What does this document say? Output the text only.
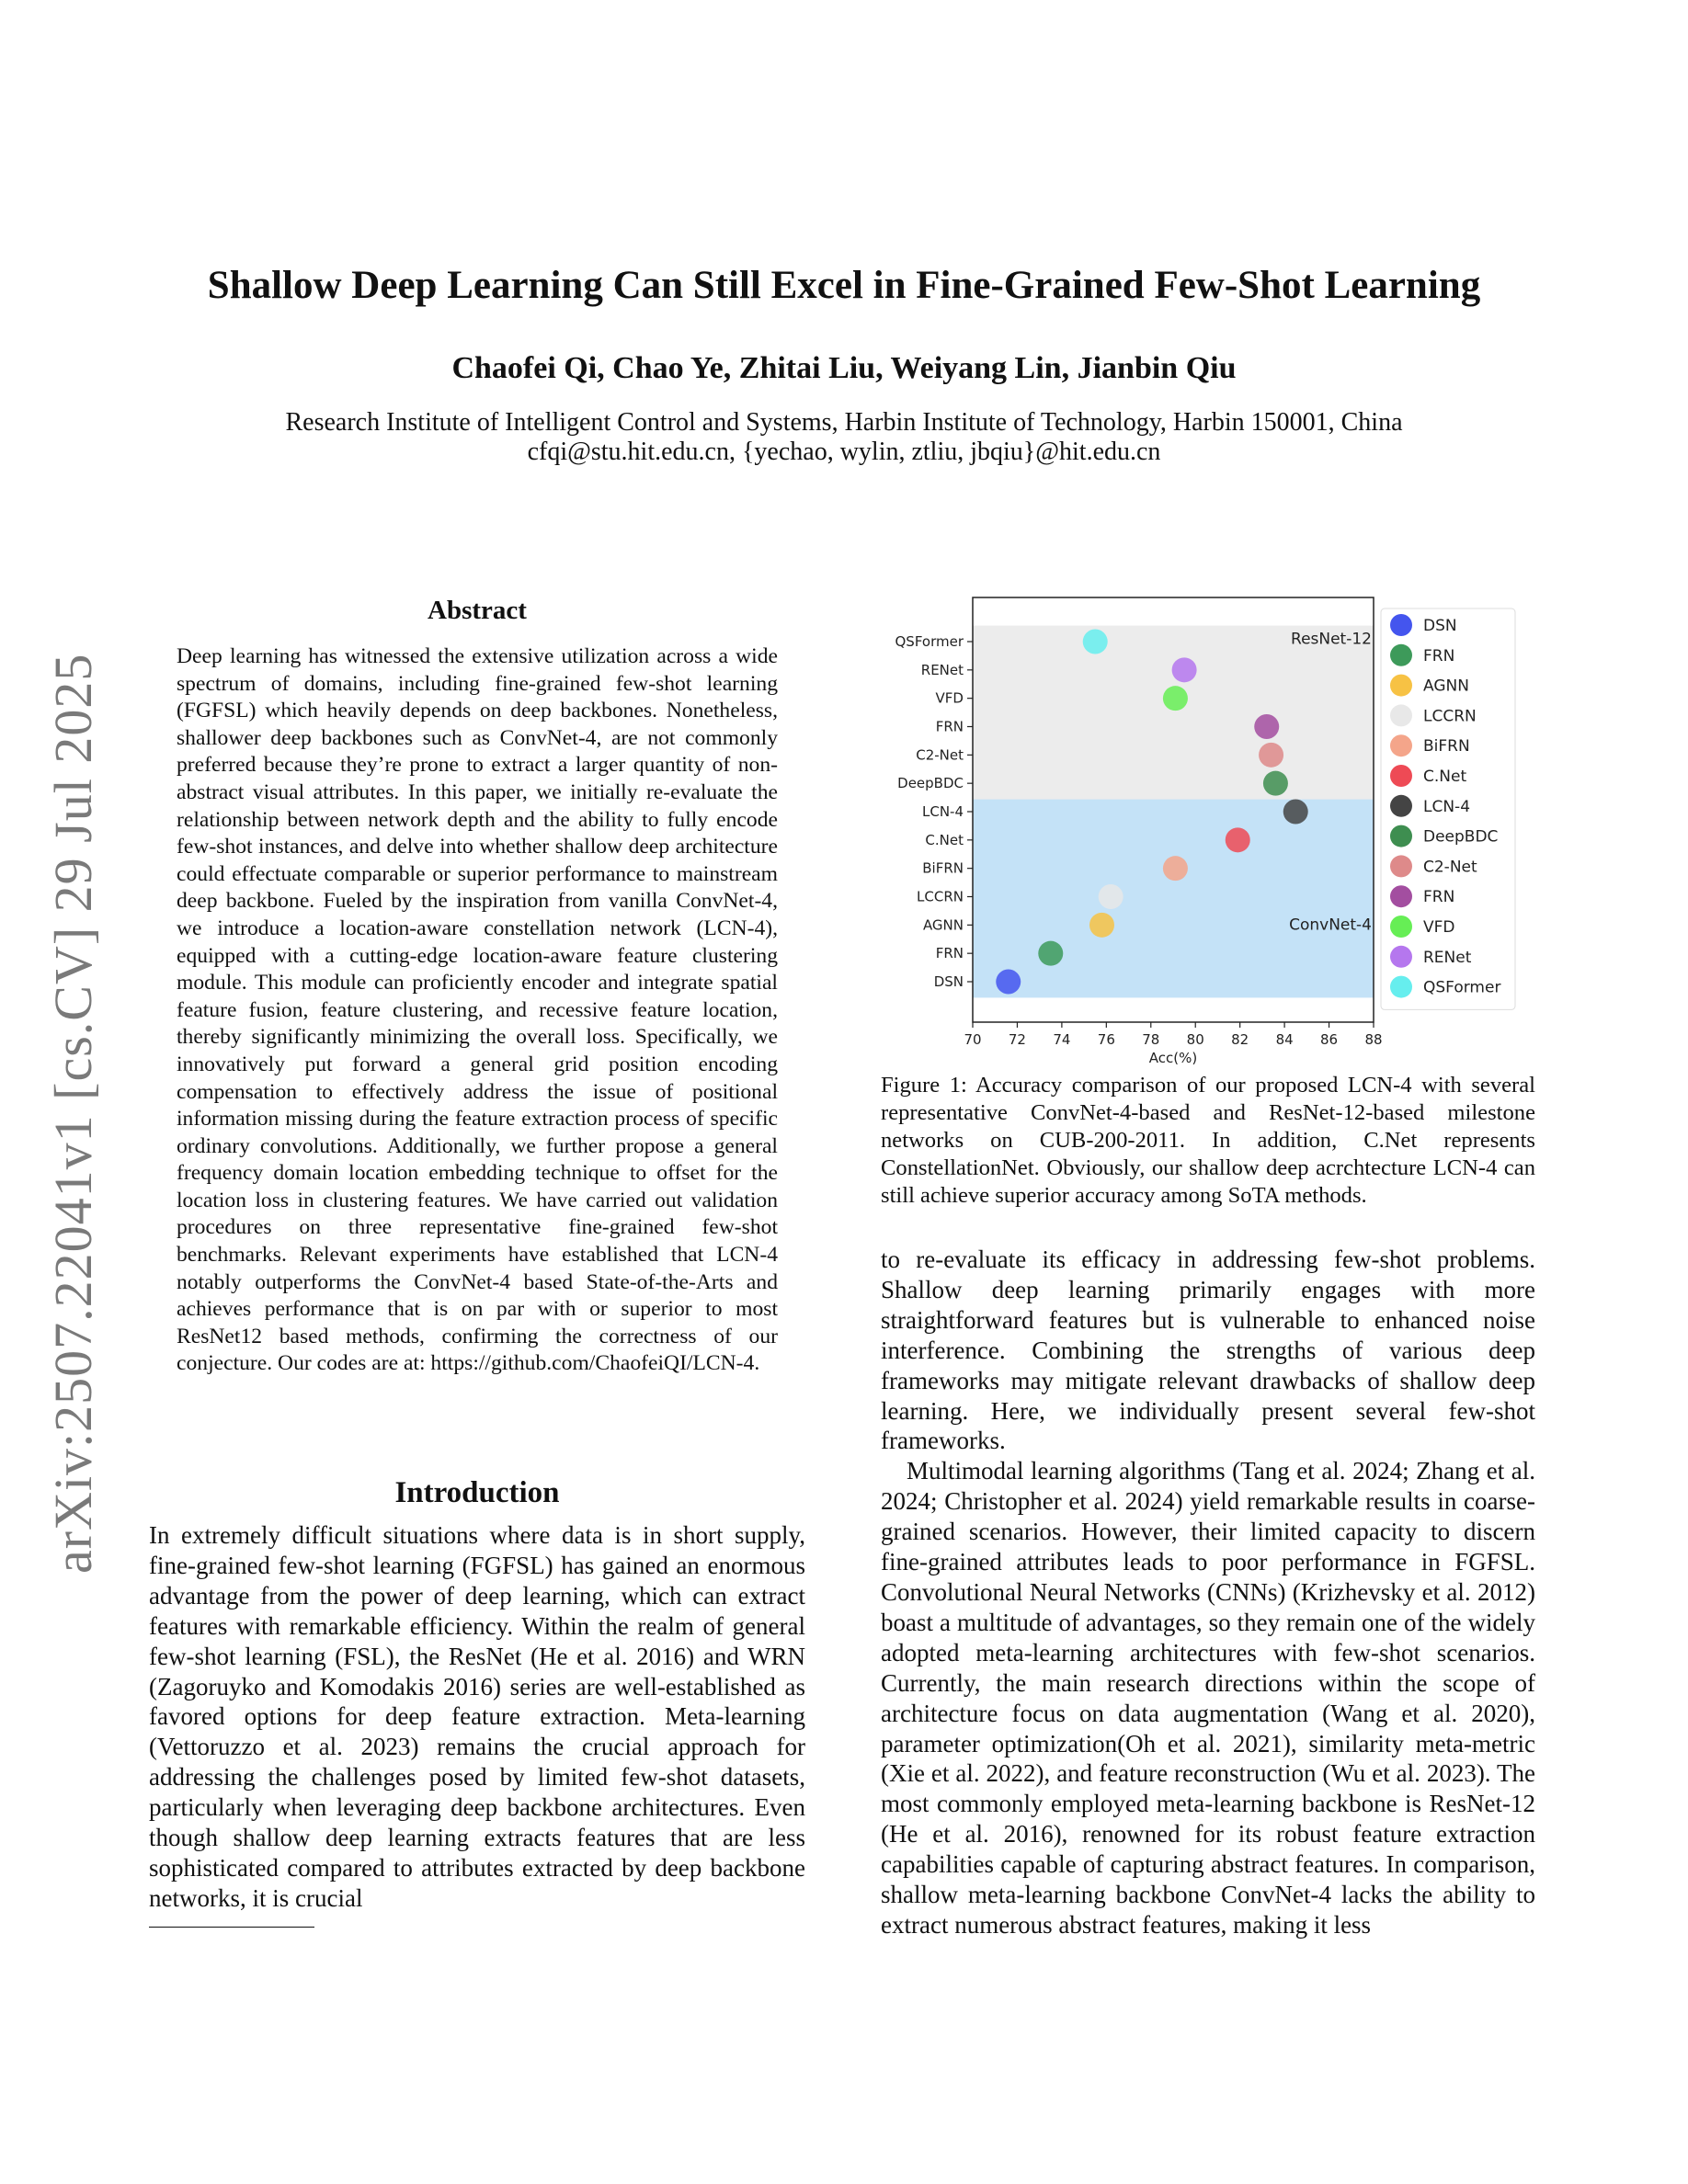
arXiv:2507.22041v1 [cs.CV] 29 Jul 2025
Shallow Deep Learning Can Still Excel in Fine-Grained Few-Shot Learning
Chaofei Qi, Chao Ye, Zhitai Liu, Weiyang Lin, Jianbin Qiu
Research Institute of Intelligent Control and Systems, Harbin Institute of Technology, Harbin 150001, China
cfqi@stu.hit.edu.cn, {yechao, wylin, ztliu, jbqiu}@hit.edu.cn
Abstract

Deep learning has witnessed the extensive utilization across a wide spectrum of domains, including fine-grained few-shot learning (FGFSL) which heavily depends on deep backbones. Nonetheless, shallower deep backbones such as ConvNet-4, are not commonly preferred because they’re prone to extract a larger quantity of non-abstract visual attributes. In this paper, we initially re-evaluate the relationship between network depth and the ability to fully encode few-shot instances, and delve into whether shallow deep architecture could effectuate comparable or superior performance to mainstream deep backbone. Fueled by the inspiration from vanilla ConvNet-4, we introduce a location-aware constellation network (LCN-4), equipped with a cutting-edge location-aware feature clustering module. This module can proficiently encoder and integrate spatial feature fusion, feature clustering, and recessive feature location, thereby significantly minimizing the overall loss. Specifically, we innovatively put forward a general grid position encoding compensation to effectively address the issue of positional information missing during the feature extraction process of specific ordinary convolutions. Additionally, we further propose a general frequency domain location embedding technique to offset for the location loss in clustering features. We have carried out validation procedures on three representative fine-grained few-shot benchmarks. Relevant experiments have established that LCN-4 notably outperforms the ConvNet-4 based State-of-the-Arts and achieves performance that is on par with or superior to most ResNet12 based methods, confirming the correctness of our conjecture. Our codes are at: https://github.com/ChaofeiQI/LCN-4.

Introduction

In extremely difficult situations where data is in short supply, fine-grained few-shot learning (FGFSL) has gained an enormous advantage from the power of deep learning, which can extract features with remarkable efficiency. Within the realm of general few-shot learning (FSL), the ResNet (He et al. 2016) and WRN (Zagoruyko and Komodakis 2016) series are well-established as favored options for deep feature extraction. Meta-learning (Vettoruzzo et al. 2023) remains the crucial approach for addressing the challenges posed by limited few-shot datasets, particularly when leveraging deep backbone architectures. Even though shallow deep learning extracts features that are less sophisticated compared to attributes extracted by deep backbone networks, it is crucial

ConvNet-4
ResNet-12
DSN
FRN
AGNN
LCCRN
BiFRN
C.Net
LCN-4
DeepBDC
C2-Net
FRN
VFD
RENet
QSFormer
70 72 74 76 78 80 82 84 86 88
Acc(%)
DSN
FRN
AGNN
LCCRN
BiFRN
C.Net
LCN-4
DeepBDC
C2-Net
FRN
VFD
RENet
QSFormer

Figure 1: Accuracy comparison of our proposed LCN-4 with several representative ConvNet-4-based and ResNet-12-based milestone networks on CUB-200-2011. In addition, C.Net represents ConstellationNet. Obviously, our shallow deep acrchtecture LCN-4 can still achieve superior accuracy among SoTA methods.

to re-evaluate its efficacy in addressing few-shot problems. Shallow deep learning primarily engages with more straightforward features but is vulnerable to enhanced noise interference. Combining the strengths of various deep frameworks may mitigate relevant drawbacks of shallow deep learning. Here, we individually present several few-shot frameworks.

Multimodal learning algorithms (Tang et al. 2024; Zhang et al. 2024; Christopher et al. 2024) yield remarkable results in coarse-grained scenarios. However, their limited capacity to discern fine-grained attributes leads to poor performance in FGFSL. Convolutional Neural Networks (CNNs) (Krizhevsky et al. 2012) boast a multitude of advantages, so they remain one of the widely adopted meta-learning architectures with few-shot scenarios. Currently, the main research directions within the scope of architecture focus on data augmentation (Wang et al. 2020), parameter optimization(Oh et al. 2021), similarity meta-metric (Xie et al. 2022), and feature reconstruction (Wu et al. 2023). The most commonly employed meta-learning backbone is ResNet-12 (He et al. 2016), renowned for its robust feature extraction capabilities capable of capturing abstract features. In comparison, shallow meta-learning backbone ConvNet-4 lacks the ability to extract numerous abstract features, making it less
